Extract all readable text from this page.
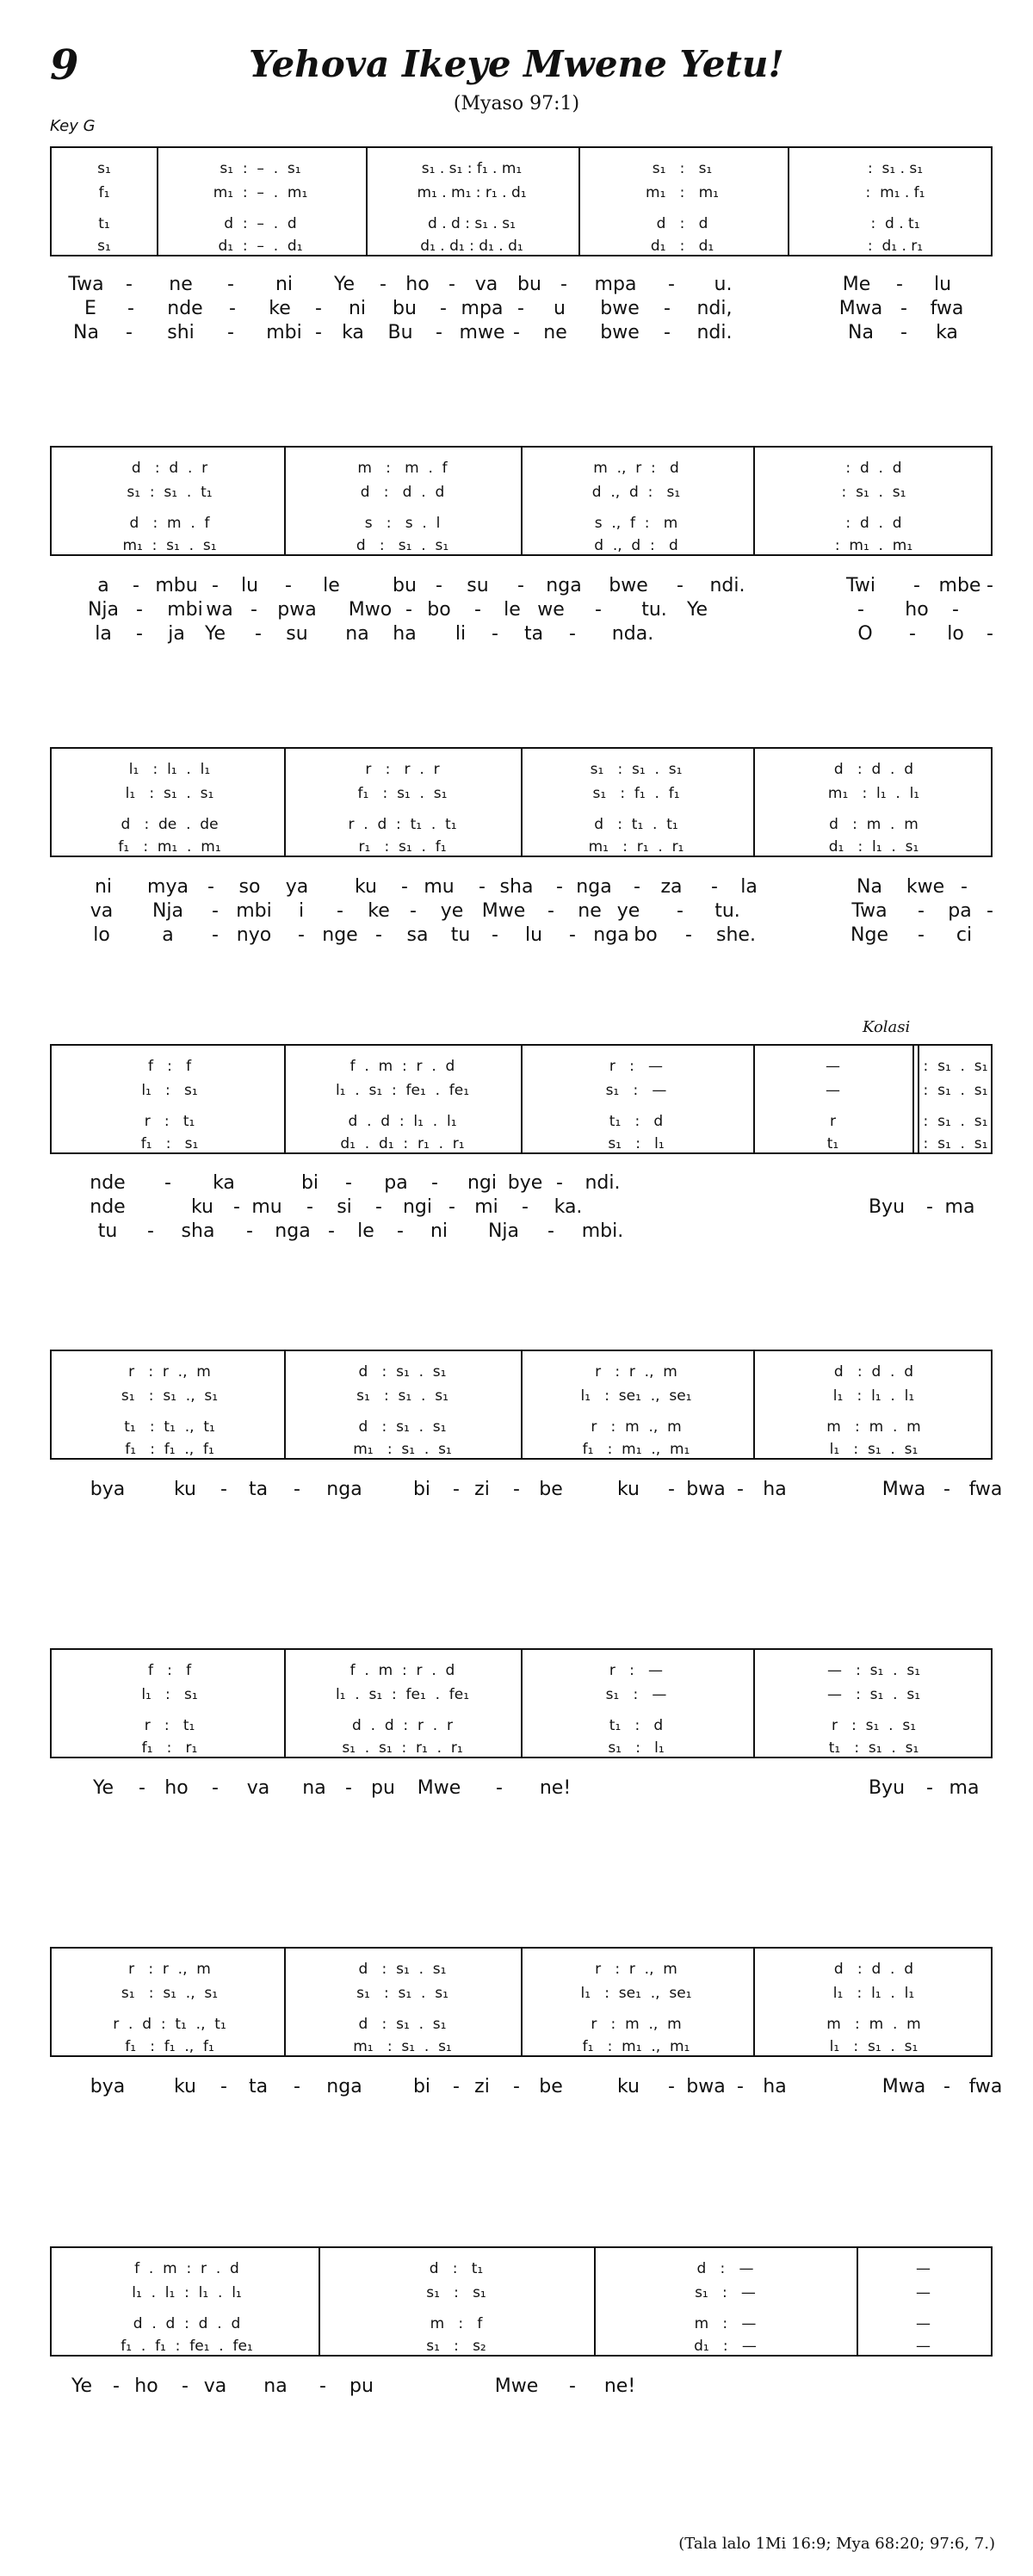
9	Yehova Ikeye Mwene Yetu!
(Myaso 97:1)
Key G
Kolasi
(Tala lalo 1Mi 16:9; Mya 68:20; 97:6, 7.)
s₁	s₁  :  –  .  s₁	s₁ . s₁ : f₁ . m₁	s₁   :   s₁	:  s₁ . s₁
f₁	m₁  :  –  .  m₁	m₁ . m₁ : r₁ . d₁	m₁   :   m₁	:  m₁ . f₁
t₁	d  :  –  .  d	d . d : s₁ . s₁	d   :   d	:  d . t₁
s₁	d₁  :  –  .  d₁	d₁ . d₁ : d₁ . d₁	d₁   :   d₁	:  d₁ . r₁
Twa - ne - ni Ye - ho - va bu - mpa - u.	Me - lu
E - nde - ke - ni bu - mpa - u bwe - ndi,	Mwa - fwa
Na - shi - mbi - ka Bu - mwe - ne bwe - ndi.	Na - ka
d   :  d  .  r	m   :   m  .  f	m  .,  r  :   d	:  d  .  d
s₁  :  s₁  .  t₁	d   :   d  .  d	d  .,  d  :   s₁	:  s₁  .  s₁
d   :  m  .  f	s   :   s  .  l	s  .,  f  :   m	:  d  .  d
m₁  :  s₁  .  s₁	d   :   s₁  .  s₁	d  .,  d  :   d	:  m₁  .  m₁
a - mbu - lu - le	bu - su - nga bwe - ndi.	Twi - mbe -
Nja - mbi wa - pwa Mwo - bo - le we - tu. Ye	- ho -
la - ja Ye - su na ha li - ta - nda.	O - lo -
l₁   :  l₁  .  l₁	r   :   r  .  r	s₁   :  s₁  .  s₁	d   :  d  .  d
l₁   :  s₁  .  s₁	f₁   :  s₁  .  s₁	s₁   :  f₁  .  f₁	m₁   :  l₁  .  l₁
d   :  de  .  de	r  .  d  :  t₁  .  t₁	d   :  t₁  .  t₁	d   :  m  .  m
f₁   :  m₁  .  m₁	r₁   :  s₁  .  f₁	m₁   :  r₁  .  r₁	d₁   :  l₁  .  s₁
ni mya - so ya ku - mu - sha - nga - za - la	Na kwe -
va Nja - mbi i - ke - ye Mwe - ne ye - tu.	Twa - pa -
lo	a - nyo - nge - sa tu - lu - nga bo - she.	Nge - ci
f   :   f	f  .  m  :  r  .  d	r   :   —	—	:  s₁  .  s₁
l₁   :   s₁	l₁  .  s₁  :  fe₁  .  fe₁	s₁   :   —	—	:  s₁  .  s₁
r   :   t₁	d  .  d  :  l₁  .  l₁	t₁   :   d	r	:  s₁  .  s₁
f₁   :   s₁	d₁  .  d₁  :  r₁  .  r₁	s₁   :   l₁	t₁	:  s₁  .  s₁
nde - ka	bi - pa - ngi bye - ndi.
nde	ku - mu - si - ngi - mi - ka.	Byu - ma
tu - sha - nga - le - ni Nja - mbi.
r   :  r  .,  m	d   :  s₁  .  s₁	r   :  r  .,  m	d   :  d  .  d
s₁   :  s₁  .,  s₁	s₁   :  s₁  .  s₁	l₁   :  se₁  .,  se₁	l₁   :  l₁  .  l₁
t₁   :  t₁  .,  t₁	d   :  s₁  .  s₁	r   :  m  .,  m	m   :  m  .  m
f₁   :  f₁  .,  f₁	m₁   :  s₁  .  s₁	f₁   :  m₁  .,  m₁	l₁   :  s₁  .  s₁
bya	ku - ta - nga	bi - zi - be	ku - bwa - ha	Mwa - fwa
f   :   f	f  .  m  :  r  .  d	r   :   —	—   :  s₁  .  s₁
l₁   :   s₁	l₁  .  s₁  :  fe₁  .  fe₁	s₁   :   —	—   :  s₁  .  s₁
r   :   t₁	d  .  d  :  r  .  r	t₁   :   d	r   :  s₁  .  s₁
f₁   :   r₁	s₁  .  s₁  :  r₁  .  r₁	s₁   :   l₁	t₁   :  s₁  .  s₁
Ye - ho - va na - pu Mwe - ne!	Byu - ma
r   :  r  .,  m	d   :  s₁  .  s₁	r   :  r  .,  m	d   :  d  .  d
s₁   :  s₁  .,  s₁	s₁   :  s₁  .  s₁	l₁   :  se₁  .,  se₁	l₁   :  l₁  .  l₁
r  .  d  :  t₁  .,  t₁	d   :  s₁  .  s₁	r   :  m  .,  m	m   :  m  .  m
f₁   :  f₁  .,  f₁	m₁   :  s₁  .  s₁	f₁   :  m₁  .,  m₁	l₁   :  s₁  .  s₁
bya	ku - ta - nga	bi - zi - be	ku - bwa - ha	Mwa - fwa
f  .  m  :  r  .  d	d   :   t₁	d   :   —	—
l₁  .  l₁  :  l₁  .  l₁	s₁   :   s₁	s₁   :   —	—
d  .  d  :  d  .  d	m   :   f	m   :   —	—
f₁  .  f₁  :  fe₁  .  fe₁	s₁   :   s₂	d₁   :   —	—
Ye - ho - va na - pu	Mwe - ne!
